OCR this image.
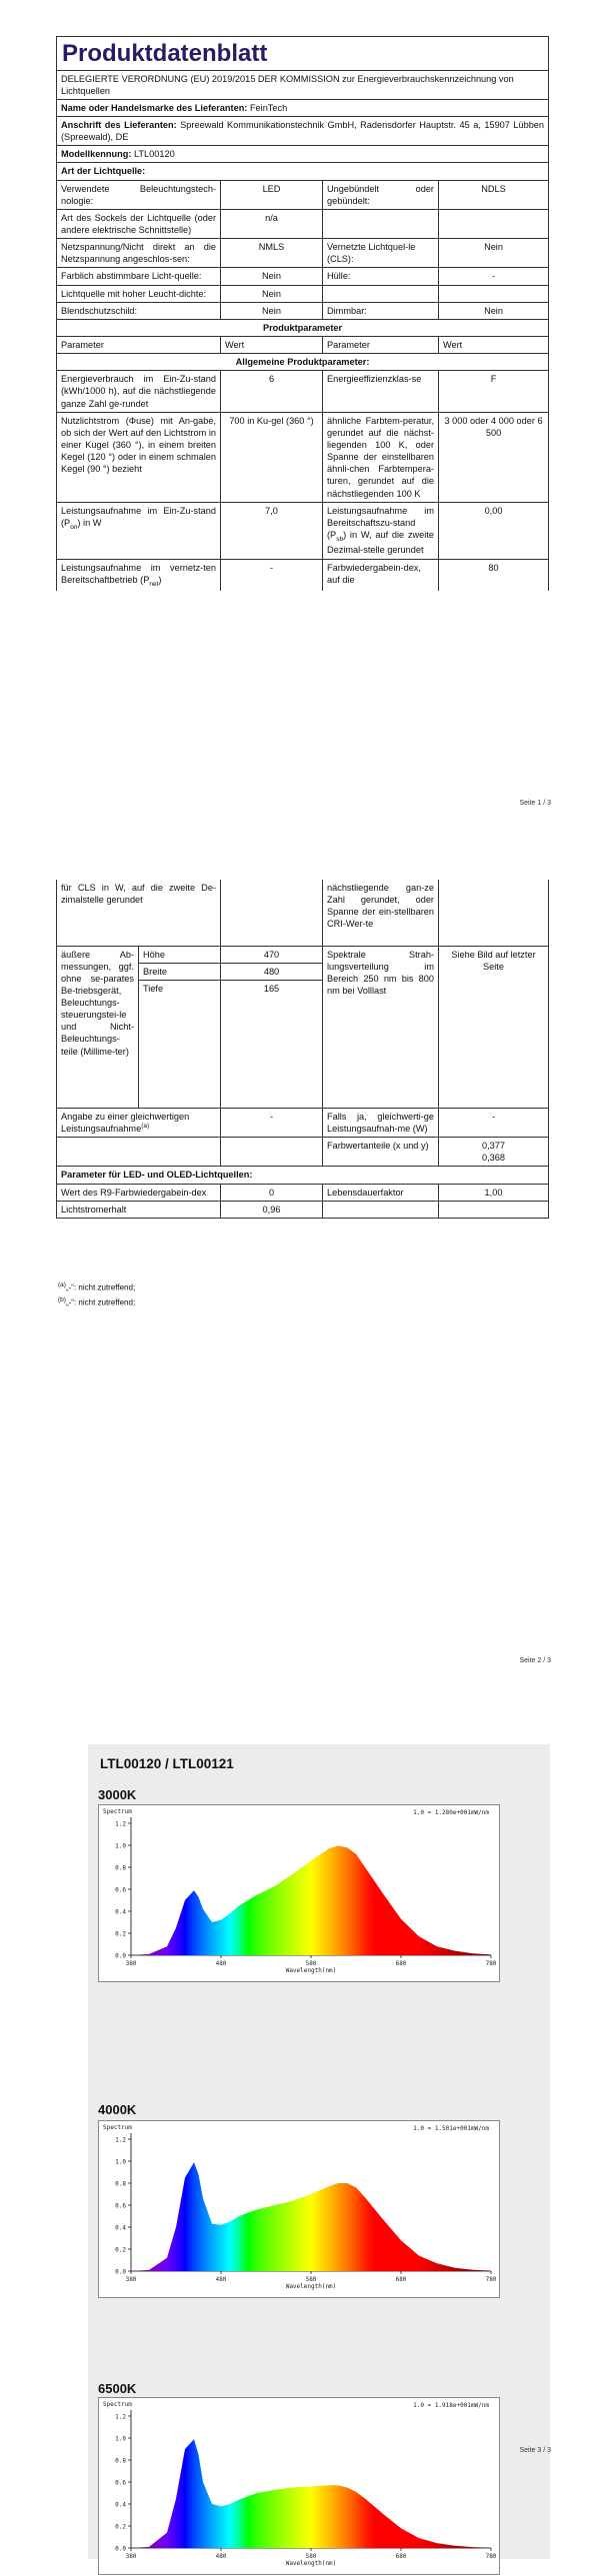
Produktdatenblatt			
DELEGIERTE VERORDNUNG (EU) 2019/2015 DER KOMMISSION zur Energieverbrauchskennzeichnung von Lichtquellen			
Name oder Handelsmarke des Lieferanten: FeinTech			
Anschrift des Lieferanten: Spreewald Kommunikationstechnik GmbH, Radensdorfer Hauptstr. 45 a, 15907 Lübben (Spreewald), DE			
Modellkennung: LTL00120			
Art der Lichtquelle:			
Verwendete Beleuchtungstech-nologie:	LED	Ungebündelt oder gebündelt:	NDLS
Art des Sockels der Lichtquelle (oder andere elektrische Schnittstelle)	n/a		
Netzspannung/Nicht direkt an die Netzspannung angeschlos-sen:	NMLS	Vernetzte Lichtquel-le (CLS):	Nein
Farblich abstimmbare Licht-quelle:	Nein	Hülle:	-
Lichtquelle mit hoher Leucht-dichte:	Nein		
Blendschutzschild:	Nein	Dimmbar:	Nein
Produktparameter			
Parameter	Wert	Parameter	Wert
Allgemeine Produktparameter:			
Energieverbrauch im Ein-Zu-stand (kWh/1000 h), auf die nächstliegende ganze Zahl ge-rundet	6	Energieeffizienzklas-se	F
Nutzlichtstrom (Φuse) mit An-gabe, ob sich der Wert auf den Lichtstrom in einer Kugel (360 °), in einem breiten Kegel (120 °) oder in einem schmalen Kegel (90 °) bezieht	700 in Ku-gel (360 °)	ähnliche Farbtem-peratur, gerundet auf die nächst-liegenden 100 K, oder Spanne der einstellbaren ähnli-chen Farbtempera-turen, gerundet auf die nächstliegenden 100 K	3 000 oder 4 000 oder 6 500
Leistungsaufnahme im Ein-Zu-stand $(P_{on})$ in W	7,0	Leistungsaufnahme im Bereitschaftszu-stand $(P_{sb})$ in W, auf die zweite Dezimal-stelle gerundet	0,00
Leistungsaufnahme im vernetz-ten Bereitschaftbetrieb $(P_{net})$	-	Farbwiedergabein-dex, auf die	80
Seite 1 / 3
für CLS in W, auf die zweite De-zimalstelle gerundet			nächstliegende gan-ze Zahl gerundet, oder Spanne der ein-stellbaren CRI-Wer-te	
äußere Ab-messungen, ggf. ohne se-parates Be-triebsgerät, Beleuchtungs-steuerungstei-le und Nicht-Beleuchtungs-teile (Millime-ter)	Höhe	470	Spektrale Strah-lungsverteilung im Bereich 250 nm bis 800 nm bei Volllast	Siehe Bild auf letzter Seite
	Breite	480		
	Tiefe	165		
Angabe zu einer gleichwertigen Leistungsaufnahme$^{(a)}$		-	Falls ja, gleichwerti-ge Leistungsaufnah-me (W)	-
			Farbwertanteile (x und y)	0,377
0,368

Parameter für LED- und OLED-Lichtquellen:				
Wert des R9-Farbwiedergabein-dex		0	Lebensdauerfaktor	1,00
Lichtstromerhalt		0,96		
$^{(a)}$„-“: nicht zutreffend;
$^{(b)}$„-“: nicht zutreffend;
Seite 2 / 3
LTL00120 / LTL00121
3000K
0.0
0.2
0.4
0.6
0.8
1.0
1.2
380	480	580	680	780
Spectrum
Wavelength(nm)
1.0 = 1.280e+001mW/nm
4000K
0.0
0.2
0.4
0.6
0.8
1.0
1.2
380	480	580	680	780
Spectrum
Wavelength(nm)
1.0 = 1.501e+001mW/nm
6500K
0.0
0.2
0.4
0.6
0.8
1.0
1.2
380	480	580	680	780
Spectrum
Wavelength(nm)
1.0 = 1.918e+001mW/nm
Seite 3 / 3
